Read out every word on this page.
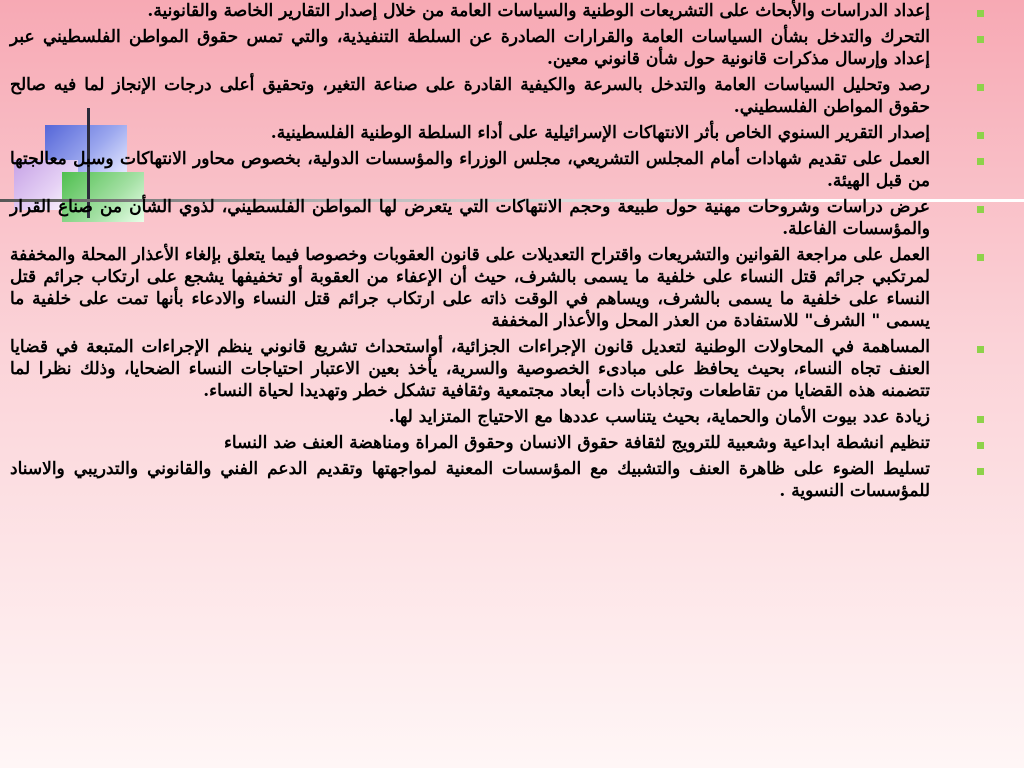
إعداد الدراسات والأبحاث على التشريعات الوطنية والسياسات العامة من خلال إصدار التقارير الخاصة والقانونية.
التحرك والتدخل بشأن السياسات العامة والقرارات الصادرة عن السلطة التنفيذية، والتي تمس حقوق المواطن الفلسطيني عبر إعداد وإرسال مذكرات قانونية حول شأن قانوني معين.
رصد وتحليل السياسات العامة والتدخل بالسرعة والكيفية القادرة على صناعة التغير، وتحقيق أعلى درجات الإنجاز لما فيه صالح حقوق المواطن الفلسطيني.
إصدار التقرير السنوي الخاص بأثر الانتهاكات الإسرائيلية على أداء السلطة الوطنية الفلسطينية.
العمل على تقديم شهادات أمام المجلس التشريعي، مجلس الوزراء والمؤسسات الدولية، بخصوص محاور الانتهاكات وسبل معالجتها من قبل الهيئة.
عرض دراسات وشروحات مهنية حول طبيعة وحجم الانتهاكات التي يتعرض لها المواطن الفلسطيني، لذوي الشأن من صناع القرار والمؤسسات الفاعلة.
العمل على مراجعة القوانين والتشريعات واقتراح التعديلات على قانون العقوبات وخصوصا فيما يتعلق بإلغاء الأعذار المحلة والمخففة لمرتكبي جرائم قتل النساء على خلفية ما يسمى بالشرف، حيث أن الإعفاء من العقوبة أو تخفيفها يشجع على ارتكاب جرائم قتل النساء على خلفية ما يسمى بالشرف، ويساهم في الوقت ذاته على ارتكاب جرائم قتل النساء والادعاء بأنها تمت على خلفية ما يسمى " الشرف" للاستفادة من العذر المحل والأعذار المخففة
المساهمة في المحاولات الوطنية لتعديل قانون الإجراءات الجزائية، أواستحداث تشريع قانوني ينظم الإجراءات المتبعة في قضايا العنف تجاه النساء، بحيث يحافظ على مبادىء الخصوصية والسرية، يأخذ بعين الاعتبار احتياجات النساء الضحايا، وذلك نظرا لما تتضمنه هذه القضايا من تقاطعات وتجاذبات ذات أبعاد مجتمعية وثقافية تشكل خطر وتهديدا لحياة النساء.
زيادة عدد بيوت الأمان والحماية، بحيث يتناسب عددها مع الاحتياج المتزايد لها.
تنظيم انشطة ابداعية وشعبية للترويج لثقافة حقوق الانسان وحقوق المراة ومناهضة العنف ضد النساء
تسليط الضوء على ظاهرة العنف والتشبيك مع المؤسسات المعنية لمواجهتها وتقديم الدعم الفني والقانوني والتدريبي والاسناد للمؤسسات النسوية .
